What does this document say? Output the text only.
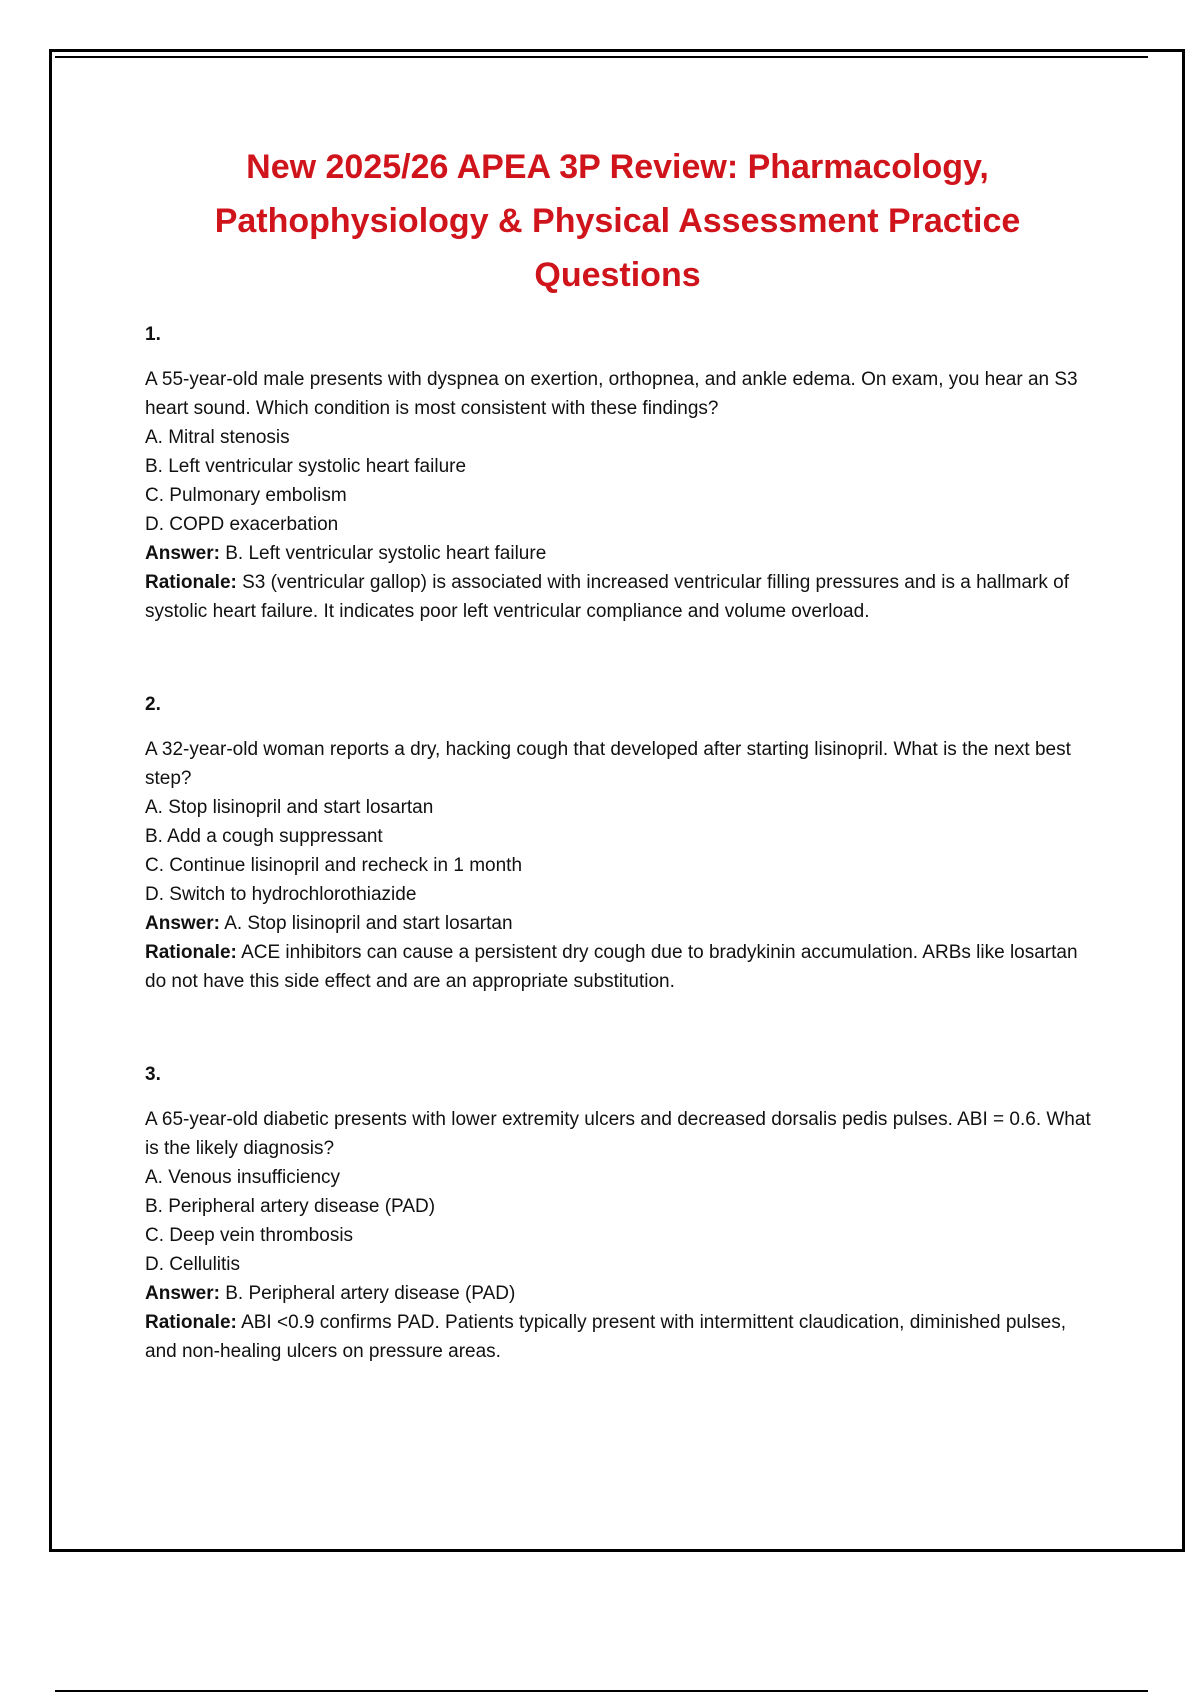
New 2025/26 APEA 3P Review: Pharmacology,
Pathophysiology & Physical Assessment Practice
Questions
1.

A 55-year-old male presents with dyspnea on exertion, orthopnea, and ankle edema. On exam, you hear an S3 heart sound. Which condition is most consistent with these findings?

A. Mitral stenosis
B. Left ventricular systolic heart failure
C. Pulmonary embolism
D. COPD exacerbation

Answer: B. Left ventricular systolic heart failure

Rationale: S3 (ventricular gallop) is associated with increased ventricular filling pressures and is a hallmark of systolic heart failure. It indicates poor left ventricular compliance and volume overload.

2.

A 32-year-old woman reports a dry, hacking cough that developed after starting lisinopril. What is the next best step?

A. Stop lisinopril and start losartan
B. Add a cough suppressant
C. Continue lisinopril and recheck in 1 month
D. Switch to hydrochlorothiazide

Answer: A. Stop lisinopril and start losartan

Rationale: ACE inhibitors can cause a persistent dry cough due to bradykinin accumulation. ARBs like losartan do not have this side effect and are an appropriate substitution.

3.

A 65-year-old diabetic presents with lower extremity ulcers and decreased dorsalis pedis pulses. ABI = 0.6. What is the likely diagnosis?

A. Venous insufficiency
B. Peripheral artery disease (PAD)
C. Deep vein thrombosis
D. Cellulitis

Answer: B. Peripheral artery disease (PAD)

Rationale: ABI <0.9 confirms PAD. Patients typically present with intermittent claudication, diminished pulses, and non-healing ulcers on pressure areas.
